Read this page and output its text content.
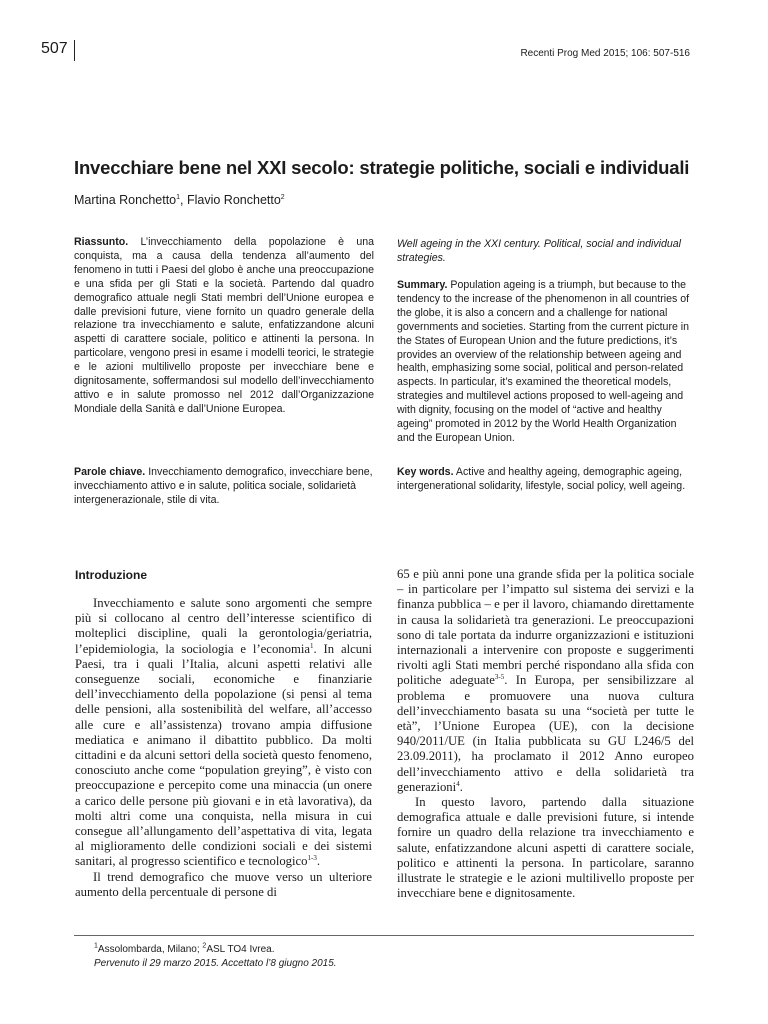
507	Recenti Prog Med 2015; 106: 507-516
Invecchiare bene nel XXI secolo: strategie politiche, sociali e individuali
Martina Ronchetto$^1$, Flavio Ronchetto$^2$
Riassunto. L’invecchiamento della popolazione è una conquista, ma a causa della tendenza all’aumento del fenomeno in tutti i Paesi del globo è anche una preoccupazione e una sfida per gli Stati e la società. Partendo dal quadro demografico attuale negli Stati membri dell’Unione europea e dalle previsioni future, viene fornito un quadro generale della relazione tra invecchiamento e salute, enfatizzandone alcuni aspetti di carattere sociale, politico e attinenti la persona. In particolare, vengono presi in esame i modelli teorici, le strategie e le azioni multilivello proposte per invecchiare bene e dignitosamente, soffermandosi sul modello dell’invecchiamento attivo e in salute promosso nel 2012 dall’Organizzazione Mondiale della Sanità e dall’Unione Europea.
Parole chiave. Invecchiamento demografico, invecchiare bene, invecchiamento attivo e in salute, politica sociale, solidarietà intergenerazionale, stile di vita.
Well ageing in the XXI century. Political, social and individual strategies.
Summary. Population ageing is a triumph, but because to the tendency to the increase of the phenomenon in all countries of the globe, it is also a concern and a challenge for national governments and societies. Starting from the current picture in the States of European Union and the future predictions, it’s provides an overview of the relationship between ageing and health, emphasizing some social, political and person-related aspects. In particular, it’s examined the theoretical models, strategies and multilevel actions proposed to well-ageing and with dignity, focusing on the model of “active and healthy ageing” promoted in 2012 by the World Health Organization and the European Union.
Key words. Active and healthy ageing, demographic ageing, intergenerational solidarity, lifestyle, social policy, well ageing.
Introduzione

Invecchiamento e salute sono argomenti che sempre più si collocano al centro dell’interesse scientifico di molteplici discipline, quali la gerontologia/geriatria, l’epidemiologia, la sociologia e l’economia$^1$. In alcuni Paesi, tra i quali l’Italia, alcuni aspetti relativi alle conseguenze sociali, economiche e finanziarie dell’invecchiamento della popolazione (si pensi al tema delle pensioni, alla sostenibilità del welfare, all’accesso alle cure e all’assistenza) trovano ampia diffusione mediatica e animano il dibattito pubblico. Da molti cittadini e da alcuni settori della società questo fenomeno, conosciuto anche come “population greying”, è visto con preoccupazione e percepito come una minaccia (un onere a carico delle persone più giovani e in età lavorativa), da molti altri come una conquista, nella misura in cui consegue all’allungamento dell’aspettativa di vita, legata al miglioramento delle condizioni sociali e dei sistemi sanitari, al progresso scientifico e tecnologico$^{1-3}$.

Il trend demografico che muove verso un ulteriore aumento della percentuale di persone di

65 e più anni pone una grande sfida per la politica sociale – in particolare per l’impatto sul sistema dei servizi e la finanza pubblica – e per il lavoro, chiamando direttamente in causa la solidarietà tra generazioni. Le preoccupazioni sono di tale portata da indurre organizzazioni e istituzioni internazionali a intervenire con proposte e suggerimenti rivolti agli Stati membri perché rispondano alla sfida con politiche adeguate$^{3-5}$. In Europa, per sensibilizzare al problema e promuovere una nuova cultura dell’invecchiamento basata su una “società per tutte le età”, l’Unione Europea (UE), con la decisione 940/2011/UE (in Italia pubblicata su GU L246/5 del 23.09.2011), ha proclamato il 2012 Anno europeo dell’invecchiamento attivo e della solidarietà tra generazioni$^4$.

In questo lavoro, partendo dalla situazione demografica attuale e dalle previsioni future, si intende fornire un quadro della relazione tra invecchiamento e salute, enfatizzandone alcuni aspetti di carattere sociale, politico e attinenti la persona. In particolare, saranno illustrate le strategie e le azioni multilivello proposte per invecchiare bene e dignitosamente.

$^1$Assolombarda, Milano; $^2$ASL TO4 Ivrea.
Pervenuto il 29 marzo 2015. Accettato l’8 giugno 2015.
